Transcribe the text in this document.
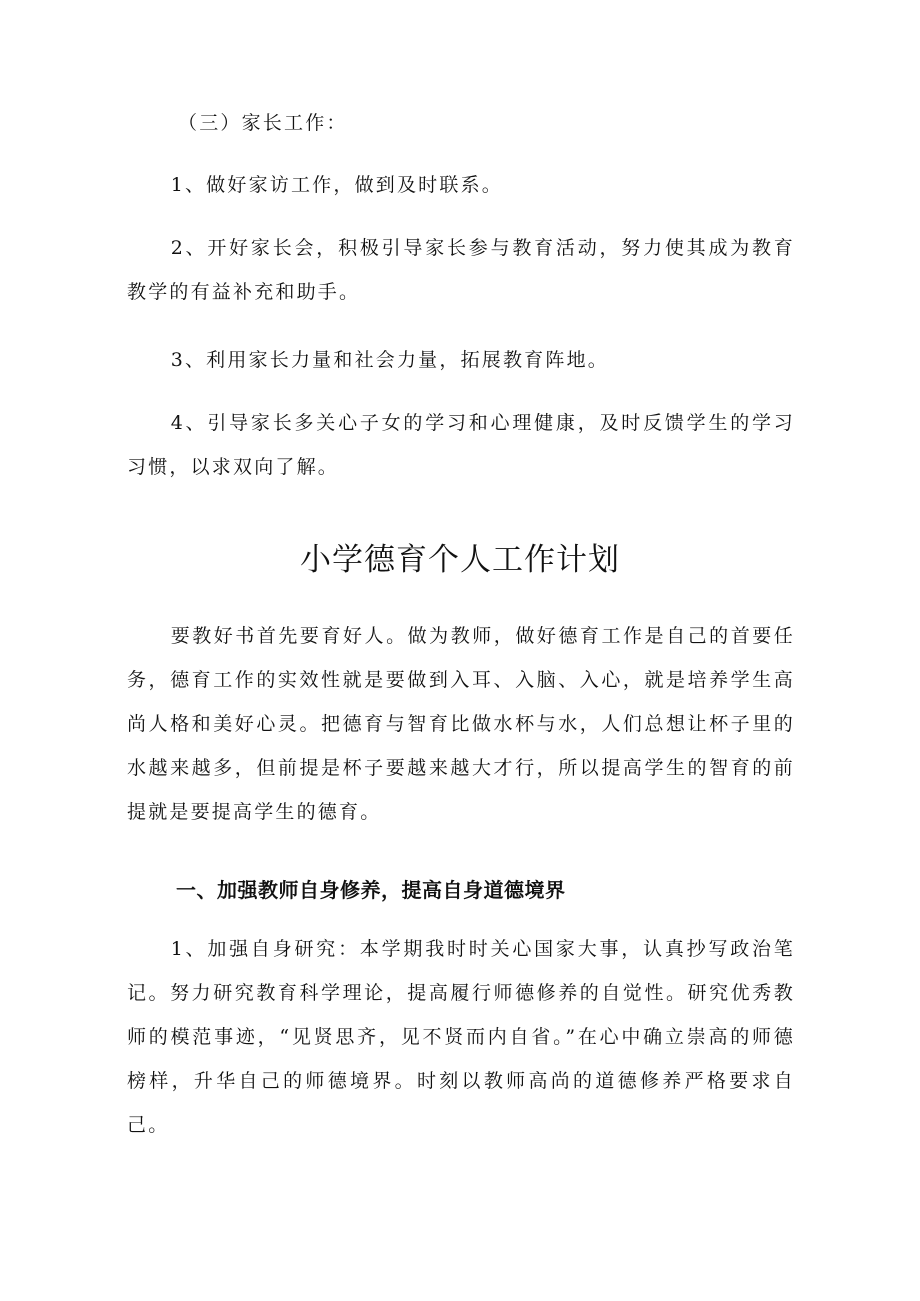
（三）家长工作：

1、做好家访工作，做到及时联系。

2、开好家长会，积极引导家长参与教育活动，努力使其成为教育教学的有益补充和助手。

3、利用家长力量和社会力量，拓展教育阵地。

4、引导家长多关心子女的学习和心理健康，及时反馈学生的学习习惯，以求双向了解。

小学德育个人工作计划

要教好书首先要育好人。做为教师，做好德育工作是自己的首要任务，德育工作的实效性就是要做到入耳、入脑、入心，就是培养学生高尚人格和美好心灵。把德育与智育比做水杯与水，人们总想让杯子里的水越来越多，但前提是杯子要越来越大才行，所以提高学生的智育的前提就是要提高学生的德育。

一、加强教师自身修养，提高自身道德境界

1、加强自身研究：本学期我时时关心国家大事，认真抄写政治笔记。努力研究教育科学理论，提高履行师德修养的自觉性。研究优秀教师的模范事迹，“见贤思齐，见不贤而内自省。”在心中确立崇高的师德榜样，升华自己的师德境界。时刻以教师高尚的道德修养严格要求自己。
